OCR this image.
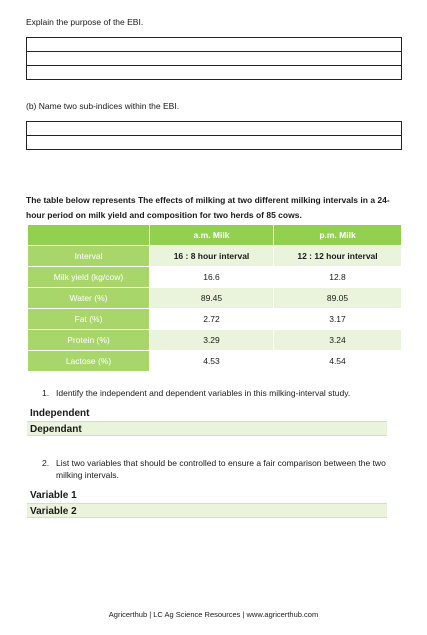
Explain the purpose of the EBI.
(b) Name two sub-indices within the EBI.
The table below represents The effects of milking at two different milking intervals in a 24-hour period on milk yield and composition for two herds of 85 cows.
	a.m. Milk	p.m. Milk
Interval	16 : 8 hour interval	12 : 12 hour interval
Milk yield (kg/cow)	16.6	12.8
Water (%)	89.45	89.05
Fat (%)	2.72	3.17
Protein (%)	3.29	3.24
Lactose (%)	4.53	4.54
1. Identify the independent and dependent variables in this milking-interval study.
Independent
Dependant
2. List two variables that should be controlled to ensure a fair comparison between the two milking intervals.
Variable 1
Variable 2
Agricerthub | LC Ag Science Resources | www.agricerthub.com
